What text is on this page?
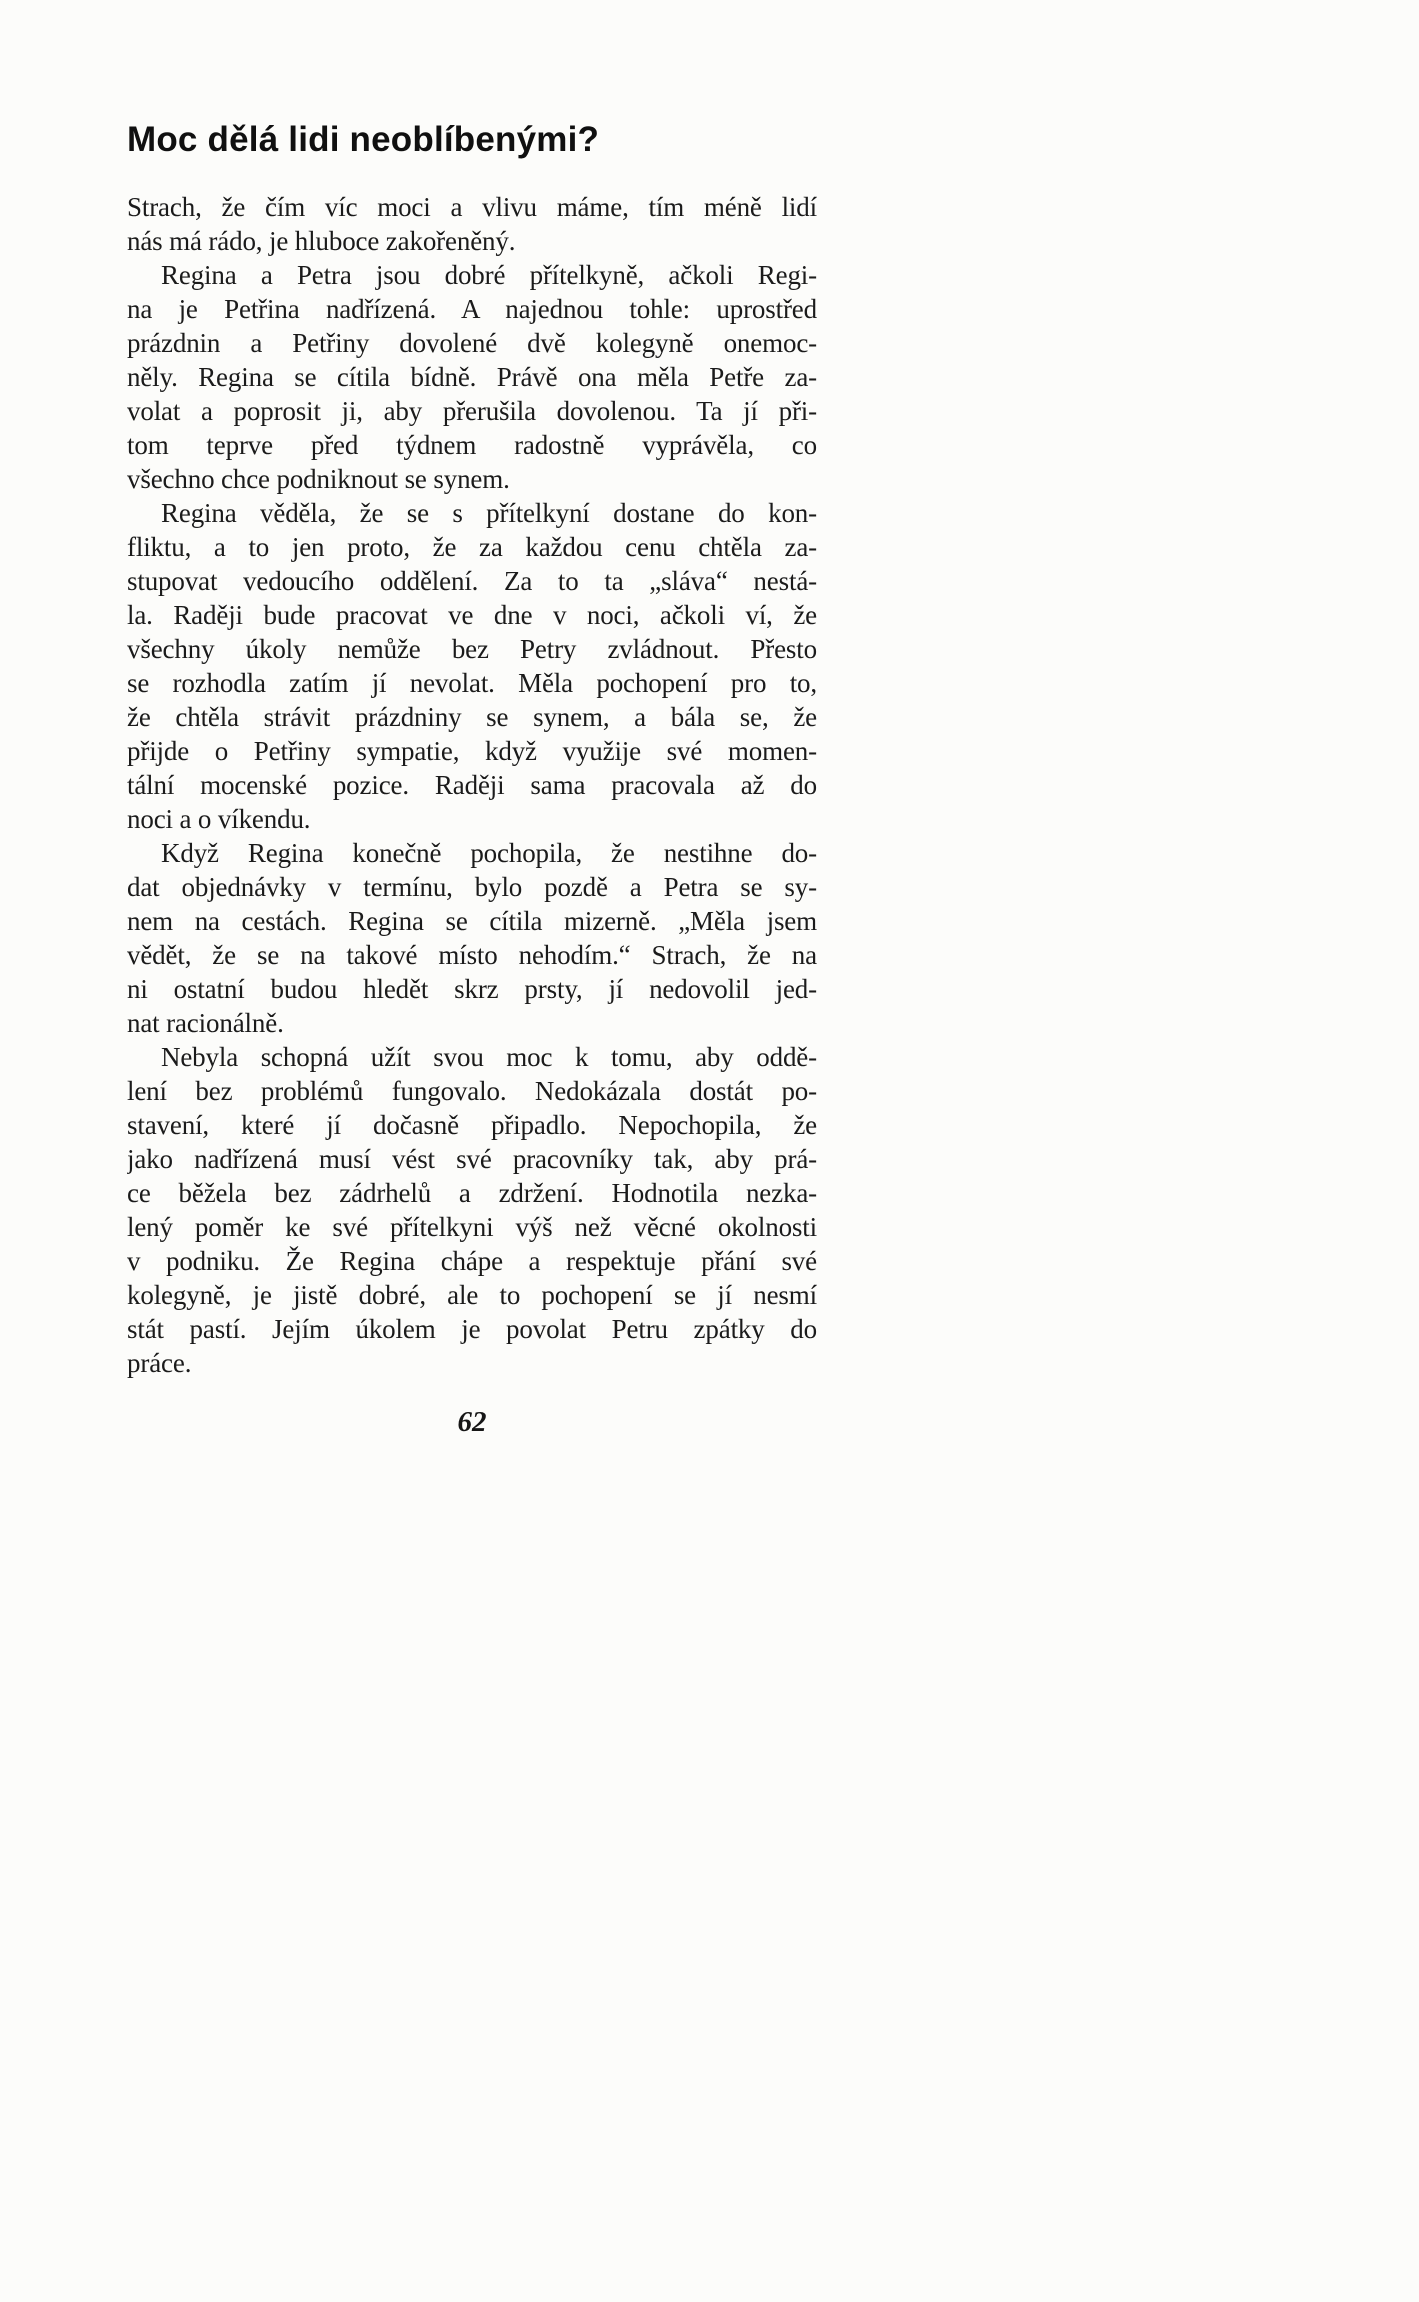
Moc dělá lidi neoblíbenými?
Strach, že čím víc moci a vlivu máme, tím méně lidí
nás má rádo, je hluboce zakořeněný.
Regina a Petra jsou dobré přítelkyně, ačkoli Regi-
na je Petřina nadřízená. A najednou tohle: uprostřed
prázdnin a Petřiny dovolené dvě kolegyně onemoc-
něly. Regina se cítila bídně. Právě ona měla Petře za-
volat a poprosit ji, aby přerušila dovolenou. Ta jí při-
tom teprve před týdnem radostně vyprávěla, co
všechno chce podniknout se synem.
Regina věděla, že se s přítelkyní dostane do kon-
fliktu, a to jen proto, že za každou cenu chtěla za-
stupovat vedoucího oddělení. Za to ta „sláva“ nestá-
la. Raději bude pracovat ve dne v noci, ačkoli ví, že
všechny úkoly nemůže bez Petry zvládnout. Přesto
se rozhodla zatím jí nevolat. Měla pochopení pro to,
že chtěla strávit prázdniny se synem, a bála se, že
přijde o Petřiny sympatie, když využije své momen-
tální mocenské pozice. Raději sama pracovala až do
noci a o víkendu.
Když Regina konečně pochopila, že nestihne do-
dat objednávky v termínu, bylo pozdě a Petra se sy-
nem na cestách. Regina se cítila mizerně. „Měla jsem
vědět, že se na takové místo nehodím.“ Strach, že na
ni ostatní budou hledět skrz prsty, jí nedovolil jed-
nat racionálně.
Nebyla schopná užít svou moc k tomu, aby oddě-
lení bez problémů fungovalo. Nedokázala dostát po-
stavení, které jí dočasně připadlo. Nepochopila, že
jako nadřízená musí vést své pracovníky tak, aby prá-
ce běžela bez zádrhelů a zdržení. Hodnotila nezka-
lený poměr ke své přítelkyni výš než věcné okolnosti
v podniku. Že Regina chápe a respektuje přání své
kolegyně, je jistě dobré, ale to pochopení se jí nesmí
stát pastí. Jejím úkolem je povolat Petru zpátky do
práce.
62
